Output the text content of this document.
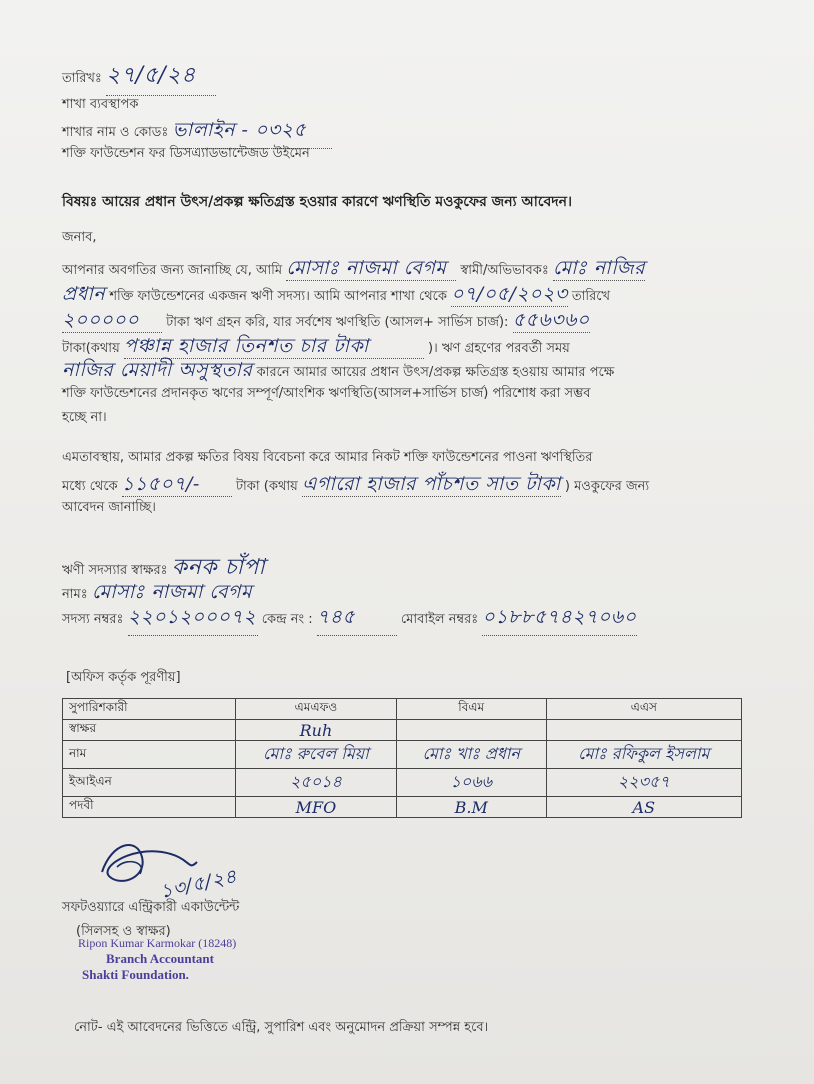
তারিখঃ ২৭/৫/২৪
শাখা ব্যবস্থাপক
শাখার নাম ও কোডঃ ভালাইন - ০৩২৫
শক্তি ফাউন্ডেশন ফর ডিসএ্যাডভান্টেজড উইমেন
বিষয়ঃ আয়ের প্রধান উৎস/প্রকল্প ক্ষতিগ্রস্ত হওয়ার কারণে ঋণস্থিতি মওকুফের জন্য আবেদন।
জনাব,
আপনার অবগতির জন্য জানাচ্ছি যে, আমি মোসাঃ নাজমা বেগম স্বামী/অভিভাবকঃ মোঃ নাজির
প্রধান শক্তি ফাউন্ডেশনের একজন ঋণী সদস্য। আমি আপনার শাখা থেকে ০৭/০৫/২০২৩ তারিখে
২০০০০০ টাকা ঋণ গ্রহন করি, যার সর্বশেষ ঋণস্থিতি (আসল+ সার্ভিস চার্জ): ৫৫৬৩৬০
টাকা(কথায় পঞ্চান্ন হাজার তিনশত চার টাকা	)। ঋণ গ্রহণের পরবর্তী সময়
নাজির মেয়াদী অসুস্থতার কারনে আমার আয়ের প্রধান উৎস/প্রকল্প ক্ষতিগ্রস্ত হওয়ায় আমার পক্ষে
শক্তি ফাউন্ডেশনের প্রদানকৃত ঋণের সম্পূর্ণ/আংশিক ঋণস্থিতি(আসল+সার্ভিস চার্জ) পরিশোধ করা সম্ভব
হচ্ছে না।
এমতাবস্থায়, আমার প্রকল্প ক্ষতির বিষয় বিবেচনা করে আমার নিকট শক্তি ফাউন্ডেশনের পাওনা ঋণস্থিতির
মধ্যে থেকে ১১৫০৭/-	টাকা (কথায় এগারো হাজার পাঁচশত সাত টাকা ) মওকুফের জন্য
আবেদন জানাচ্ছি।
ঋণী সদস্যার স্বাক্ষরঃ কনক চাঁপা
নামঃ মোসাঃ নাজমা বেগম
সদস্য নম্বরঃ ২২০১২০০০৭২ কেন্দ্র নং : ৭৪৫	মোবাইল নম্বরঃ ০১৮৮৫৭৪২৭০৬০
[অফিস কর্তৃক পূরণীয়]
সুপারিশকারী	এমএফও	বিএম	এএস
স্বাক্ষর	Ruh		
নাম	মোঃ রুবেল মিয়া	মোঃ খাঃ প্রধান	মোঃ রফিকুল ইসলাম
ইআইএন	২৫০১৪	১০৬৬	২২৩৫৭
পদবী	MFO	B.M	AS
১৩/৫/২৪
সফটওয়্যারে এন্ট্রিকারী একাউন্টেন্ট
(সিলসহ ও স্বাক্ষর)
Ripon Kumar Karmokar (18248)
Branch Accountant
Shakti Foundation.
নোট- এই আবেদনের ভিত্তিতে এন্ট্রি, সুপারিশ এবং অনুমোদন প্রক্রিয়া সম্পন্ন হবে।
